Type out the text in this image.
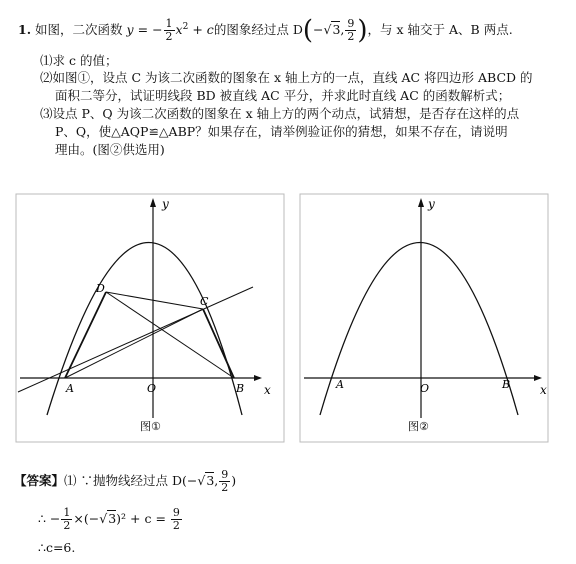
1. 如图，二次函数 y = − $\frac{1}{2} x^2 + c$的图象经过点 D(−√3, $\frac{9}{2}$ )，与 x 轴交于 A、B 两点.
⑴求 c 的值；
⑵如图①，设点 C 为该二次函数的图象在 x 轴上方的一点，直线 AC 将四边形 ABCD 的
面积二等分，试证明线段 BD 被直线 AC 平分，并求此时直线 AC 的函数解析式；
⑶设点 P、Q 为该二次函数的图象在 x 轴上方的两个动点，试猜想，是否存在这样的点
P、Q，使△AQP≌△ABP？如果存在，请举例验证你的猜想，如果不存在，请说明
理由。(图②供选用)
y
x
O
A	B
C
D
图①
y
x
O
A	B
图②
【答案】⑴ ∵抛物线经过点 D(−√3, $\frac{9}{2}$ )
∴ − $\frac{1}{2} \times(-√3)^2 + c = \frac{9}{2}$
∴c=6.
